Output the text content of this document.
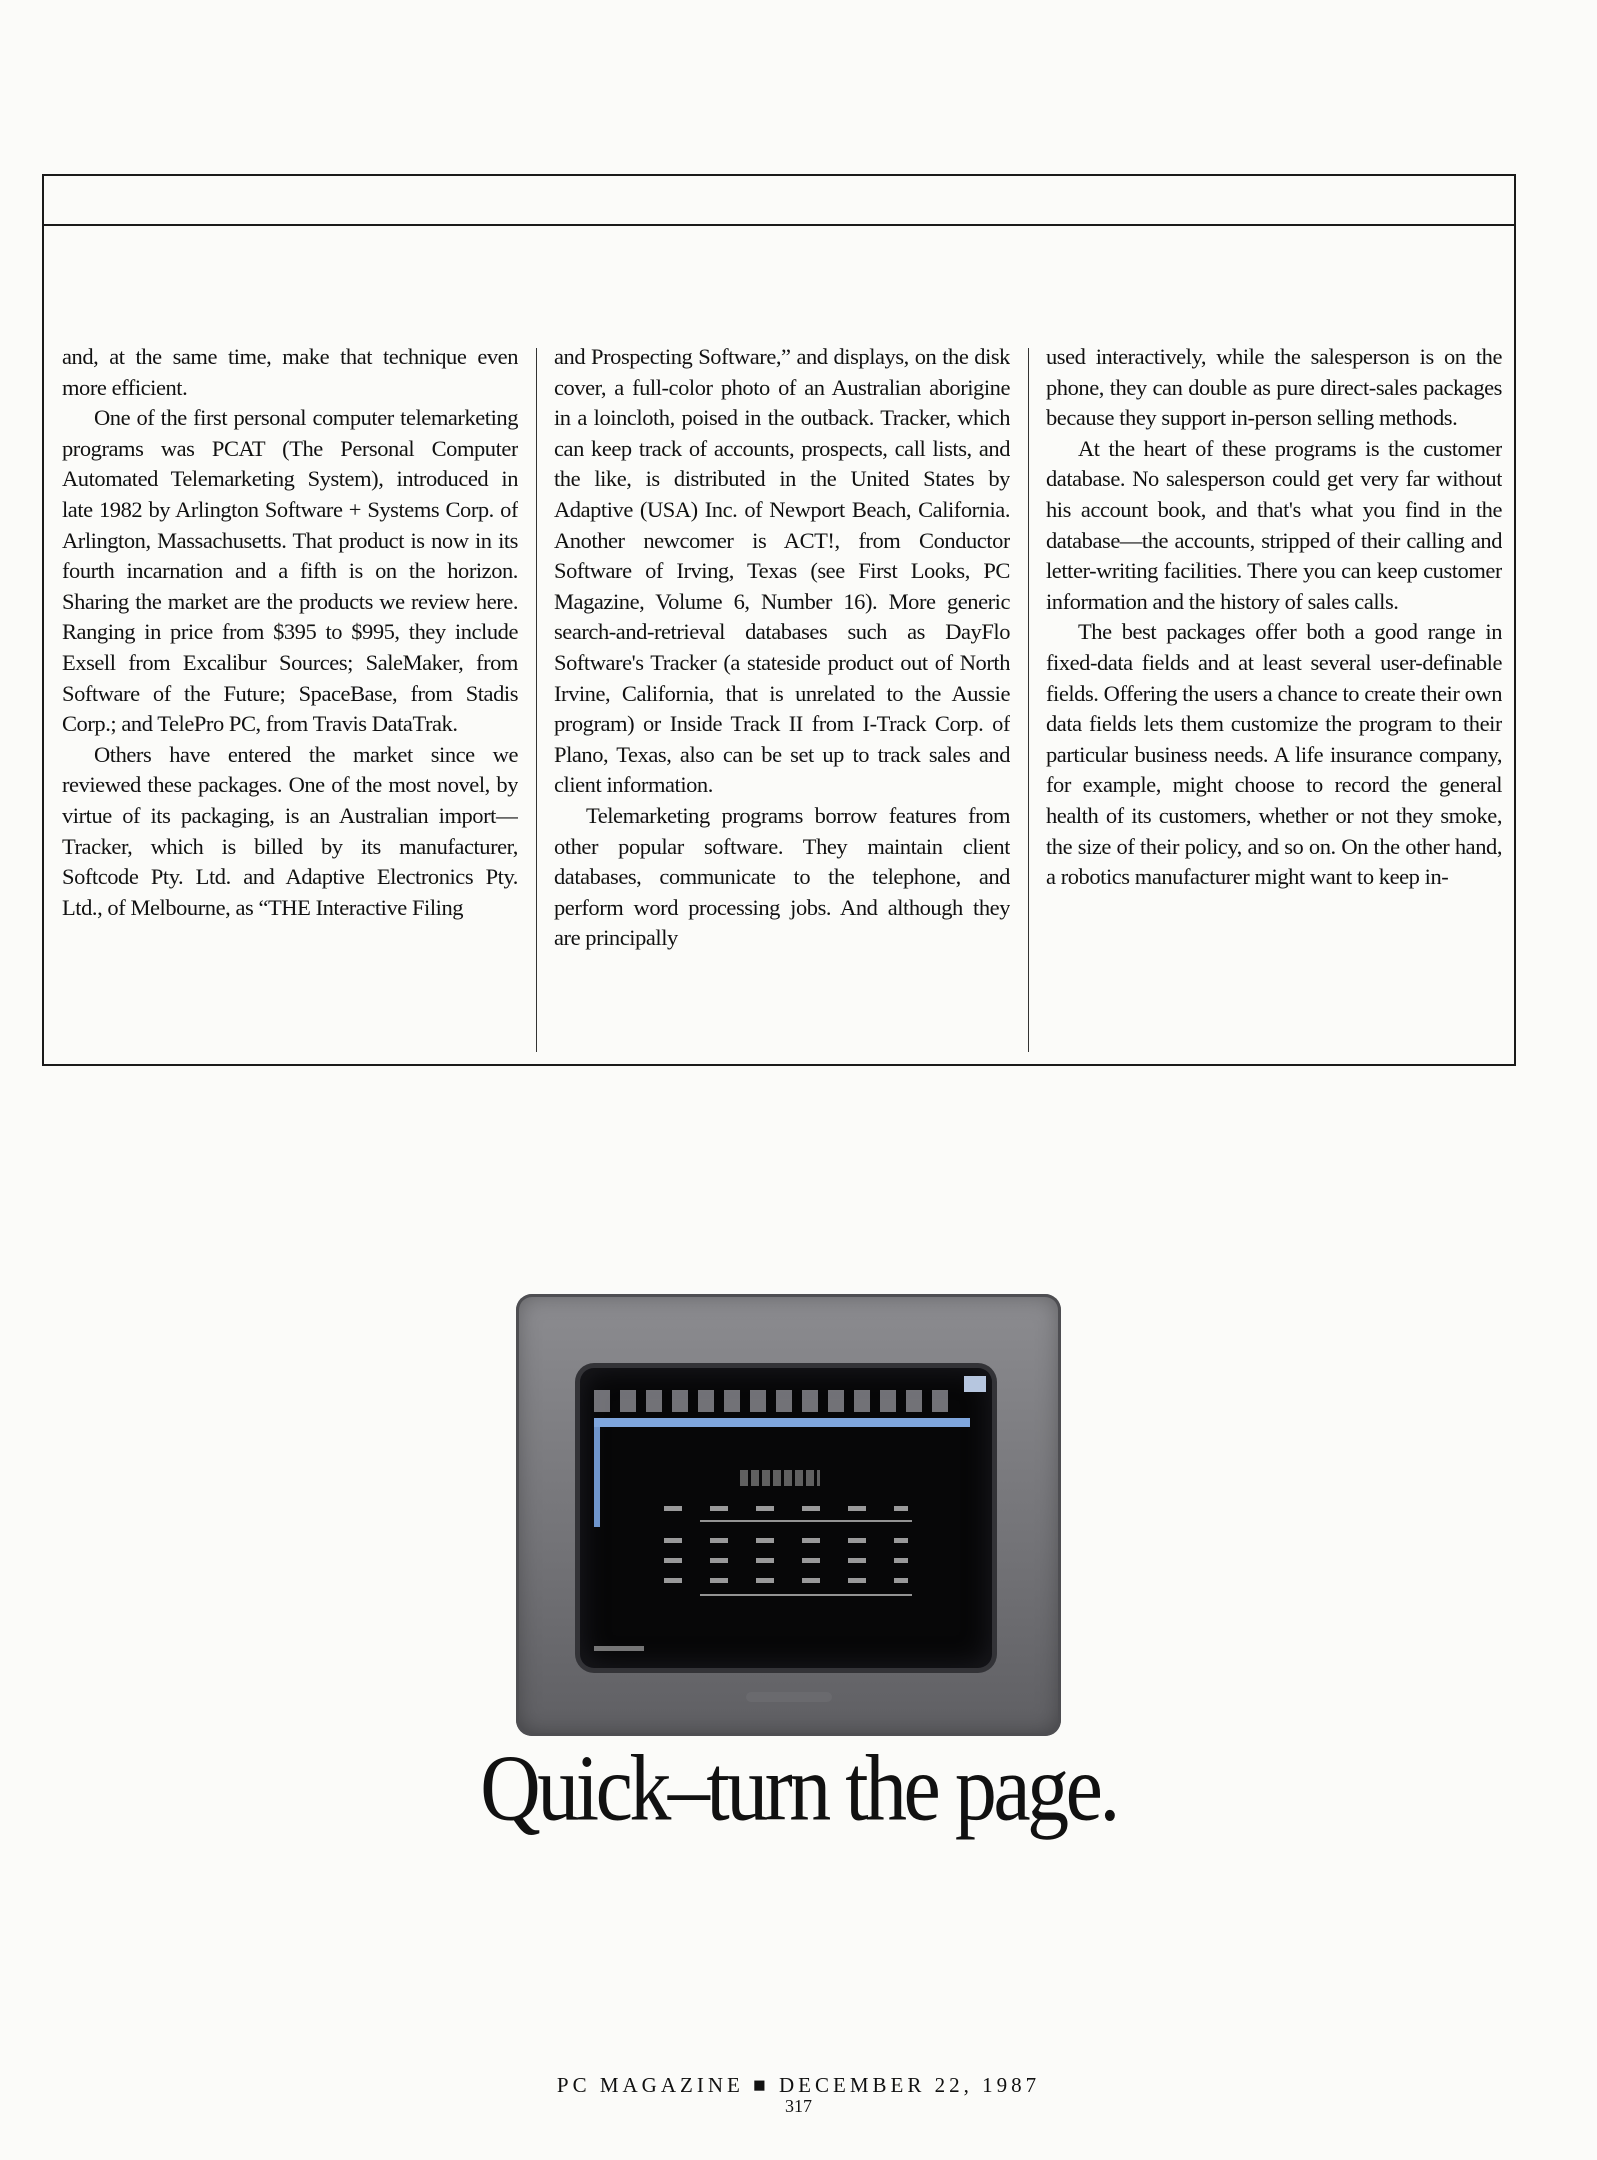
and, at the same time, make that technique even more efficient.

One of the first personal computer telemarketing programs was PCAT (The Personal Computer Automated Telemarketing System), introduced in late 1982 by Arlington Software + Systems Corp. of Arlington, Massachusetts. That product is now in its fourth incarnation and a fifth is on the horizon. Sharing the market are the products we review here. Ranging in price from $395 to $995, they include Exsell from Excalibur Sources; SaleMaker, from Software of the Future; SpaceBase, from Stadis Corp.; and TelePro PC, from Travis DataTrak.

Others have entered the market since we reviewed these packages. One of the most novel, by virtue of its packaging, is an Australian import—Tracker, which is billed by its manufacturer, Softcode Pty. Ltd. and Adaptive Electronics Pty. Ltd., of Melbourne, as “THE Interactive Filing

and Prospecting Software,” and displays, on the disk cover, a full-color photo of an Australian aborigine in a loincloth, poised in the outback. Tracker, which can keep track of accounts, prospects, call lists, and the like, is distributed in the United States by Adaptive (USA) Inc. of Newport Beach, California. Another newcomer is ACT!, from Conductor Software of Irving, Texas (see First Looks, PC Magazine, Volume 6, Number 16). More generic search-and-retrieval databases such as DayFlo Software's Tracker (a stateside product out of North Irvine, California, that is unrelated to the Aussie program) or Inside Track II from I-Track Corp. of Plano, Texas, also can be set up to track sales and client information.

Telemarketing programs borrow features from other popular software. They maintain client databases, communicate to the telephone, and perform word processing jobs. And although they are principally

used interactively, while the salesperson is on the phone, they can double as pure direct-sales packages because they support in-person selling methods.

At the heart of these programs is the customer database. No salesperson could get very far without his account book, and that's what you find in the database—the accounts, stripped of their calling and letter-writing facilities. There you can keep customer information and the history of sales calls.

The best packages offer both a good range in fixed-data fields and at least several user-definable fields. Offering the users a chance to create their own data fields lets them customize the program to their particular business needs. A life insurance company, for example, might choose to record the general health of its customers, whether or not they smoke, the size of their policy, and so on. On the other hand, a robotics manufacturer might want to keep in-

Quick–turn the page.
PC MAGAZINE ■ DECEMBER 22, 1987
317
